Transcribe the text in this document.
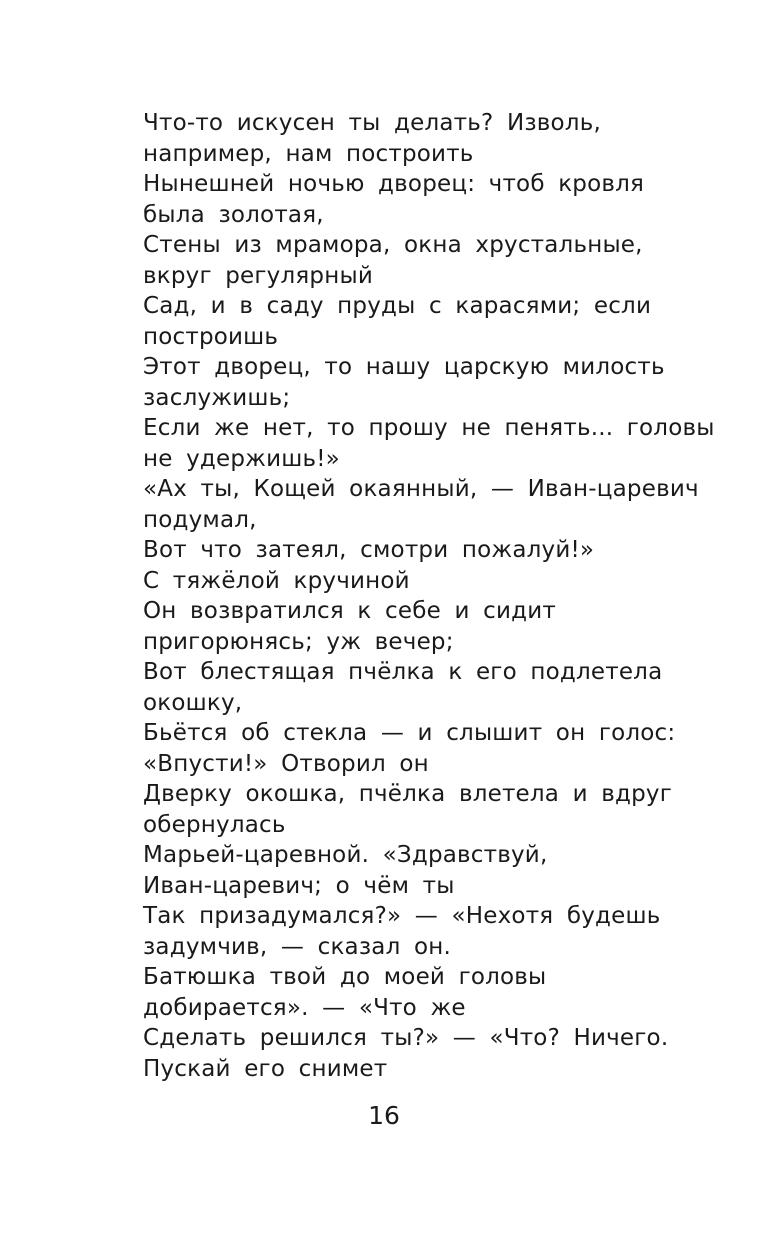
Что-то искусен ты делать? Изволь,
например, нам построить
Нынешней ночью дворец: чтоб кровля
была золотая,
Стены из мрамора, окна хрустальные,
вкруг регулярный
Сад, и в саду пруды с карасями; если
построишь
Этот дворец, то нашу царскую милость
заслужишь;
Если же нет, то прошу не пенять... головы
не удержишь!»
«Ах ты, Кощей окаянный, — Иван-царевич
подумал,
Вот что затеял, смотри пожалуй!»
С тяжёлой кручиной
Он возвратился к себе и сидит
пригорюнясь; уж вечер;
Вот блестящая пчёлка к его подлетела
окошку,
Бьётся об стекла — и слышит он голос:
«Впусти!» Отворил он
Дверку окошка, пчёлка влетела и вдруг
обернулась
Марьей-царевной. «Здравствуй,
Иван-царевич; о чём ты
Так призадумался?» — «Нехотя будешь
задумчив, — сказал он.
Батюшка твой до моей головы
добирается». — «Что же
Сделать решился ты?» — «Что? Ничего.
Пускай его снимет
16
